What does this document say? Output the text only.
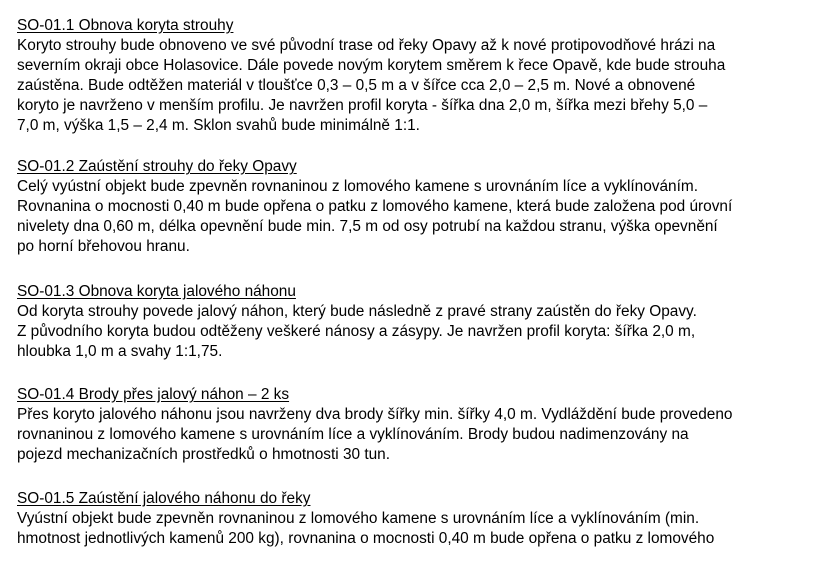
SO-01.1 Obnova koryta strouhy

Koryto strouhy bude obnoveno ve své původní trase od řeky Opavy až k nové protipovodňové hrázi na

severním okraji obce Holasovice. Dále povede novým korytem směrem k řece Opavě, kde bude strouha

zaústěna. Bude odtěžen materiál v tloušťce 0,3 – 0,5 m a v šířce cca 2,0 – 2,5 m. Nové a obnovené

koryto je navrženo v menším profilu. Je navržen profil koryta - šířka dna 2,0 m, šířka mezi břehy 5,0 –

7,0 m, výška 1,5 – 2,4 m. Sklon svahů bude minimálně 1:1.

SO-01.2 Zaústění strouhy do řeky Opavy

Celý vyústní objekt bude zpevněn rovnaninou z lomového kamene s urovnáním líce a vyklínováním.

Rovnanina o mocnosti 0,40 m bude opřena o patku z lomového kamene, která bude založena pod úrovní

nivelety dna 0,60 m, délka opevnění bude min. 7,5 m od osy potrubí na každou stranu, výška opevnění

po horní břehovou hranu.

SO-01.3 Obnova koryta jalového náhonu

Od koryta strouhy povede jalový náhon, který bude následně z pravé strany zaústěn do řeky Opavy.

Z původního koryta budou odtěženy veškeré nánosy a zásypy. Je navržen profil koryta: šířka 2,0 m,

hloubka 1,0 m a svahy 1:1,75.

SO-01.4 Brody přes jalový náhon – 2 ks

Přes koryto jalového náhonu jsou navrženy dva brody šířky min. šířky 4,0 m. Vydláždění bude provedeno

rovnaninou z lomového kamene s urovnáním líce a vyklínováním. Brody budou nadimenzovány na

pojezd mechanizačních prostředků o hmotnosti 30 tun.

SO-01.5 Zaústění jalového náhonu do řeky

Vyústní objekt bude zpevněn rovnaninou z lomového kamene s urovnáním líce a vyklínováním (min.

hmotnost jednotlivých kamenů 200 kg), rovnanina o mocnosti 0,40 m bude opřena o patku z lomového
